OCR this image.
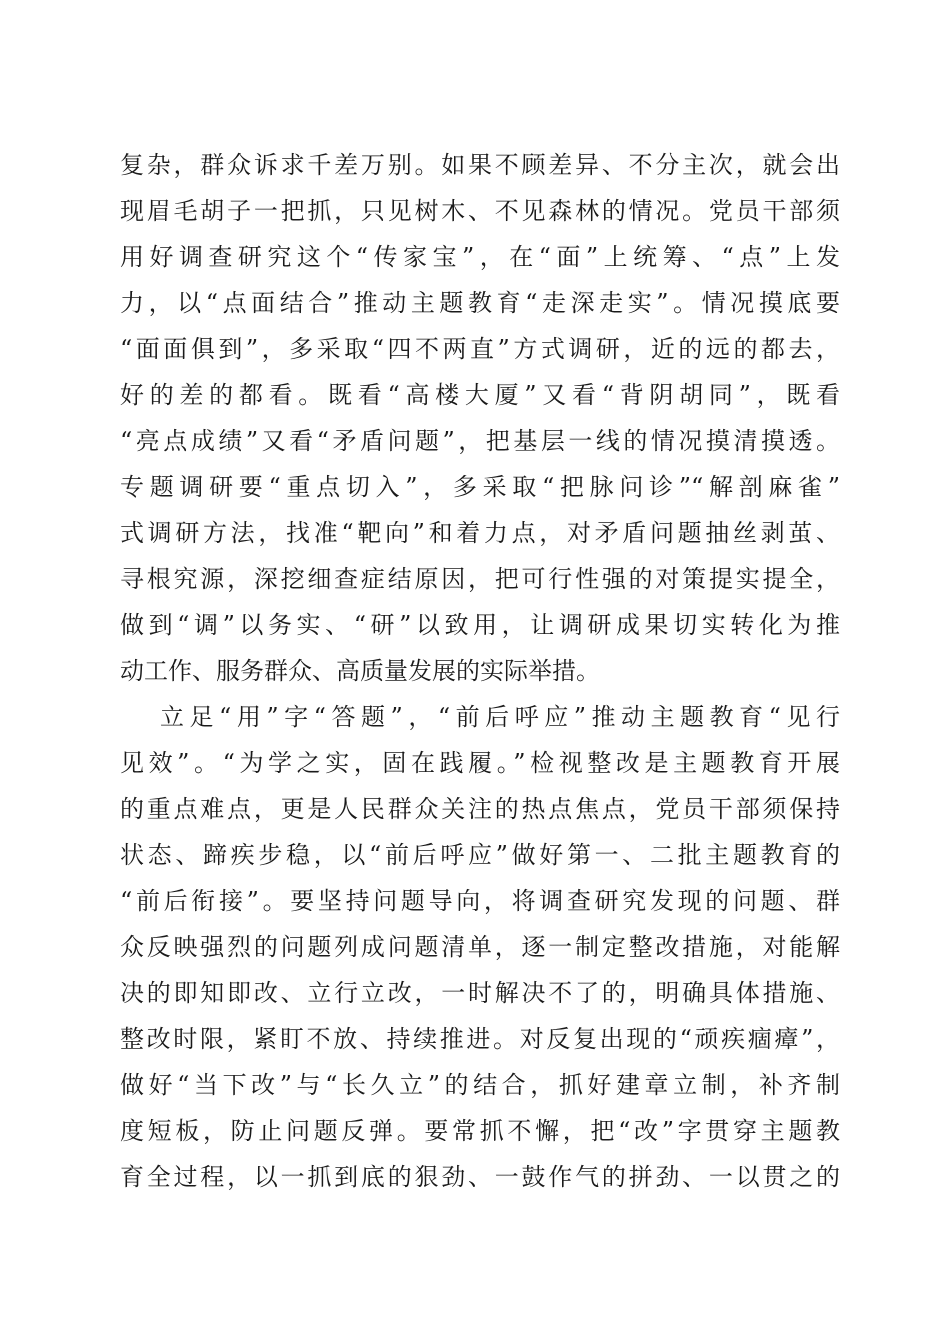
复杂，群众诉求千差万别。如果不顾差异、不分主次，就会出
现眉毛胡子一把抓，只见树木、不见森林的情况。党员干部须
用好调查研究这个“传家宝”，在“面”上统筹、“点”上发
力，以“点面结合”推动主题教育“走深走实”。情况摸底要
“面面俱到”，多采取“四不两直”方式调研，近的远的都去，
好的差的都看。既看“高楼大厦”又看“背阴胡同”，既看
“亮点成绩”又看“矛盾问题”，把基层一线的情况摸清摸透。
专题调研要“重点切入”，多采取“把脉问诊”“解剖麻雀”
式调研方法，找准“靶向”和着力点，对矛盾问题抽丝剥茧、
寻根究源，深挖细查症结原因，把可行性强的对策提实提全，
做到“调”以务实、“研”以致用，让调研成果切实转化为推
动工作、服务群众、高质量发展的实际举措。
立足“用”字“答题”，“前后呼应”推动主题教育“见行
见效”。“为学之实，固在践履。”检视整改是主题教育开展
的重点难点，更是人民群众关注的热点焦点，党员干部须保持
状态、蹄疾步稳，以“前后呼应”做好第一、二批主题教育的
“前后衔接”。要坚持问题导向，将调查研究发现的问题、群
众反映强烈的问题列成问题清单，逐一制定整改措施，对能解
决的即知即改、立行立改，一时解决不了的，明确具体措施、
整改时限，紧盯不放、持续推进。对反复出现的“顽疾痼瘴”，
做好“当下改”与“长久立”的结合，抓好建章立制，补齐制
度短板，防止问题反弹。要常抓不懈，把“改”字贯穿主题教
育全过程，以一抓到底的狠劲、一鼓作气的拼劲、一以贯之的
